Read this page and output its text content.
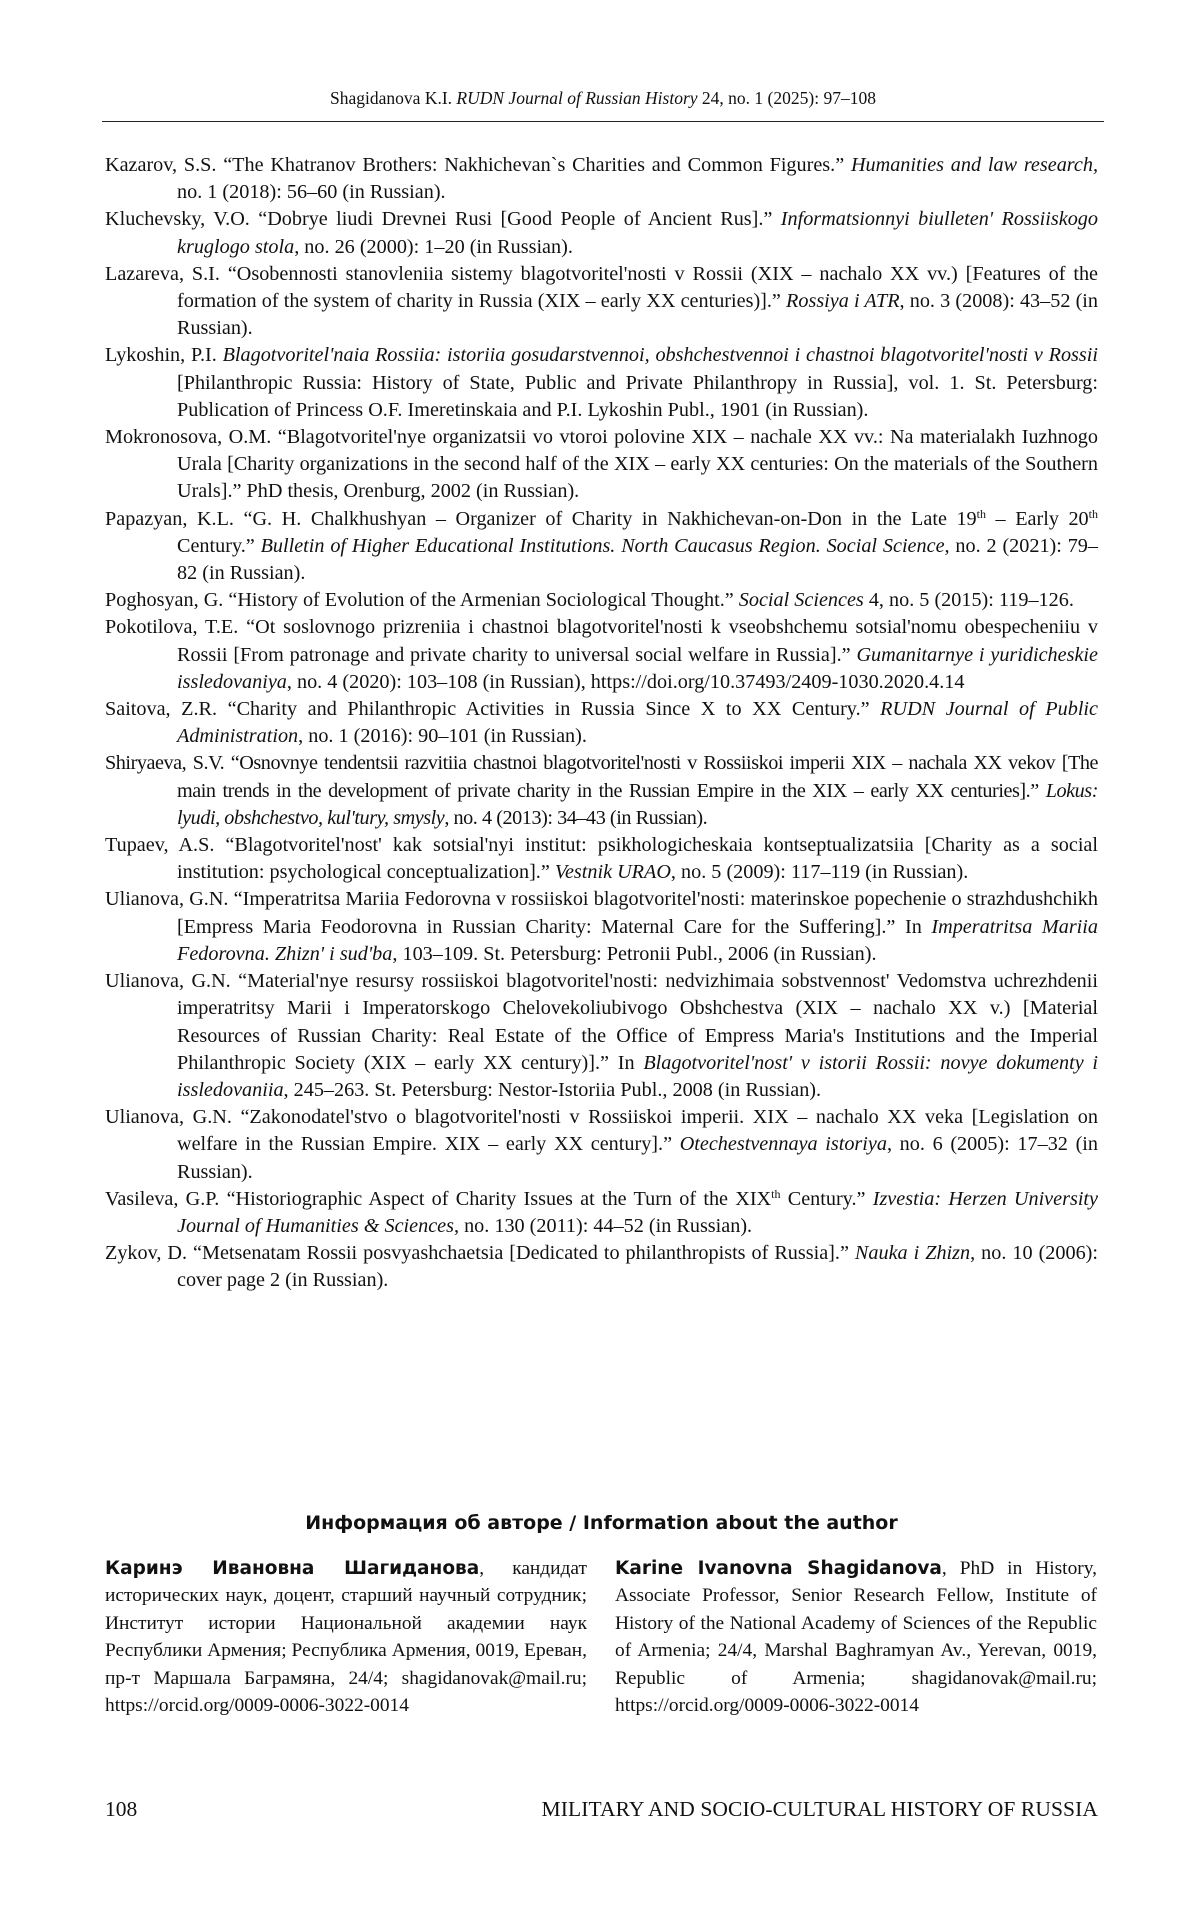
Shagidanova K.I. RUDN Journal of Russian History 24, no. 1 (2025): 97–108

Kazarov, S.S. “The Khatranov Brothers: Nakhichevan`s Charities and Common Figures.” Humanities and law research, no. 1 (2018): 56–60 (in Russian).

Kluchevsky, V.O. “Dobrye liudi Drevnei Rusi [Good People of Ancient Rus].” Informatsionnyi biulleten' Rossiiskogo kruglogo stola, no. 26 (2000): 1–20 (in Russian).

Lazareva, S.I. “Osobennosti stanovleniia sistemy blagotvoritel'nosti v Rossii (XIX – nachalo XX vv.) [Features of the formation of the system of charity in Russia (XIX – early XX centuries)].” Rossiya i ATR, no. 3 (2008): 43–52 (in Russian).

Lykoshin, P.I. Blagotvoritel'naia Rossiia: istoriia gosudarstvennoi, obshchestvennoi i chastnoi blagotvoritel'nosti v Rossii [Philanthropic Russia: History of State, Public and Private Philanthropy in Russia], vol. 1. St. Petersburg: Publication of Princess O.F. Imeretinskaia and P.I. Lykoshin Publ., 1901 (in Russian).

Mokronosova, O.M. “Blagotvoritel'nye organizatsii vo vtoroi polovine XIX – nachale XX vv.: Na materialakh Iuzhnogo Urala [Charity organizations in the second half of the XIX – early XX centuries: On the materials of the Southern Urals].” PhD thesis, Orenburg, 2002 (in Russian).

Papazyan, K.L. “G. H. Chalkhushyan – Organizer of Charity in Nakhichevan-on-Don in the Late 19th – Early 20th Century.” Bulletin of Higher Educational Institutions. North Caucasus Region. Social Science, no. 2 (2021): 79–82 (in Russian).

Poghosyan, G. “History of Evolution of the Armenian Sociological Thought.” Social Sciences 4, no. 5 (2015): 119–126.

Pokotilova, T.E. “Ot soslovnogo prizreniia i chastnoi blagotvoritel'nosti k vseobshchemu sotsial'nomu obespecheniiu v Rossii [From patronage and private charity to universal social welfare in Russia].” Gumanitarnye i yuridicheskie issledovaniya, no. 4 (2020): 103–108 (in Russian), https://doi.org/10.37493/2409-1030.2020.4.14

Saitova, Z.R. “Charity and Philanthropic Activities in Russia Since X to XX Century.” RUDN Journal of Public Administration, no. 1 (2016): 90–101 (in Russian).

Shiryaeva, S.V. “Osnovnye tendentsii razvitiia chastnoi blagotvoritel'nosti v Rossiiskoi imperii XIX – nachala XX vekov [The main trends in the development of private charity in the Russian Empire in the XIX – early XX centuries].” Lokus: lyudi, obshchestvo, kul'tury, smysly, no. 4 (2013): 34–43 (in Russian).

Tupaev, A.S. “Blagotvoritel'nost' kak sotsial'nyi institut: psikhologicheskaia kontseptualizatsiia [Charity as a social institution: psychological conceptualization].” Vestnik URAO, no. 5 (2009): 117–119 (in Russian).

Ulianova, G.N. “Imperatritsa Mariia Fedorovna v rossiiskoi blagotvoritel'nosti: materinskoe popechenie o strazhdushchikh [Empress Maria Feodorovna in Russian Charity: Maternal Care for the Suffering].” In Imperatritsa Mariia Fedorovna. Zhizn' i sud'ba, 103–109. St. Petersburg: Petronii Publ., 2006 (in Russian).

Ulianova, G.N. “Material'nye resursy rossiiskoi blagotvoritel'nosti: nedvizhimaia sobstvennost' Vedomstva uchrezhdenii imperatritsy Marii i Imperatorskogo Chelovekoliubivogo Obshchestva (XIX – nachalo XX v.) [Material Resources of Russian Charity: Real Estate of the Office of Empress Maria's Institutions and the Imperial Philanthropic Society (XIX – early XX century)].” In Blagotvoritel'nost' v istorii Rossii: novye dokumenty i issledovaniia, 245–263. St. Petersburg: Nestor-Istoriia Publ., 2008 (in Russian).

Ulianova, G.N. “Zakonodatel'stvo o blagotvoritel'nosti v Rossiiskoi imperii. XIX – nachalo XX veka [Legislation on welfare in the Russian Empire. XIX – early XX century].” Otechestvennaya istoriya, no. 6 (2005): 17–32 (in Russian).

Vasileva, G.P. “Historiographic Aspect of Charity Issues at the Turn of the XIXth Century.” Izvestia: Herzen University Journal of Humanities & Sciences, no. 130 (2011): 44–52 (in Russian).

Zykov, D. “Metsenatam Rossii posvyashchaetsia [Dedicated to philanthropists of Russia].” Nauka i Zhizn, no. 10 (2006): cover page 2 (in Russian).

Информация об авторе / Information about the author

Каринэ Ивановна Шагиданова, кандидат исторических наук, доцент, старший научный сотрудник; Институт истории Национальной академии наук Республики Армения; Республика Армения, 0019, Ереван, пр-т Маршала Баграмяна, 24/4; shagidanovak@mail.ru; https://orcid.org/0009-0006-3022-0014

Karine Ivanovna Shagidanova, PhD in History, Associate Professor, Senior Research Fellow, Institute of History of the National Academy of Sciences of the Republic of Armenia; 24/4, Marshal Baghramyan Av., Yerevan, 0019, Republic of Armenia; shagidanovak@mail.ru; https://orcid.org/0009-0006-3022-0014

108	MILITARY AND SOCIO-CULTURAL HISTORY OF RUSSIA
